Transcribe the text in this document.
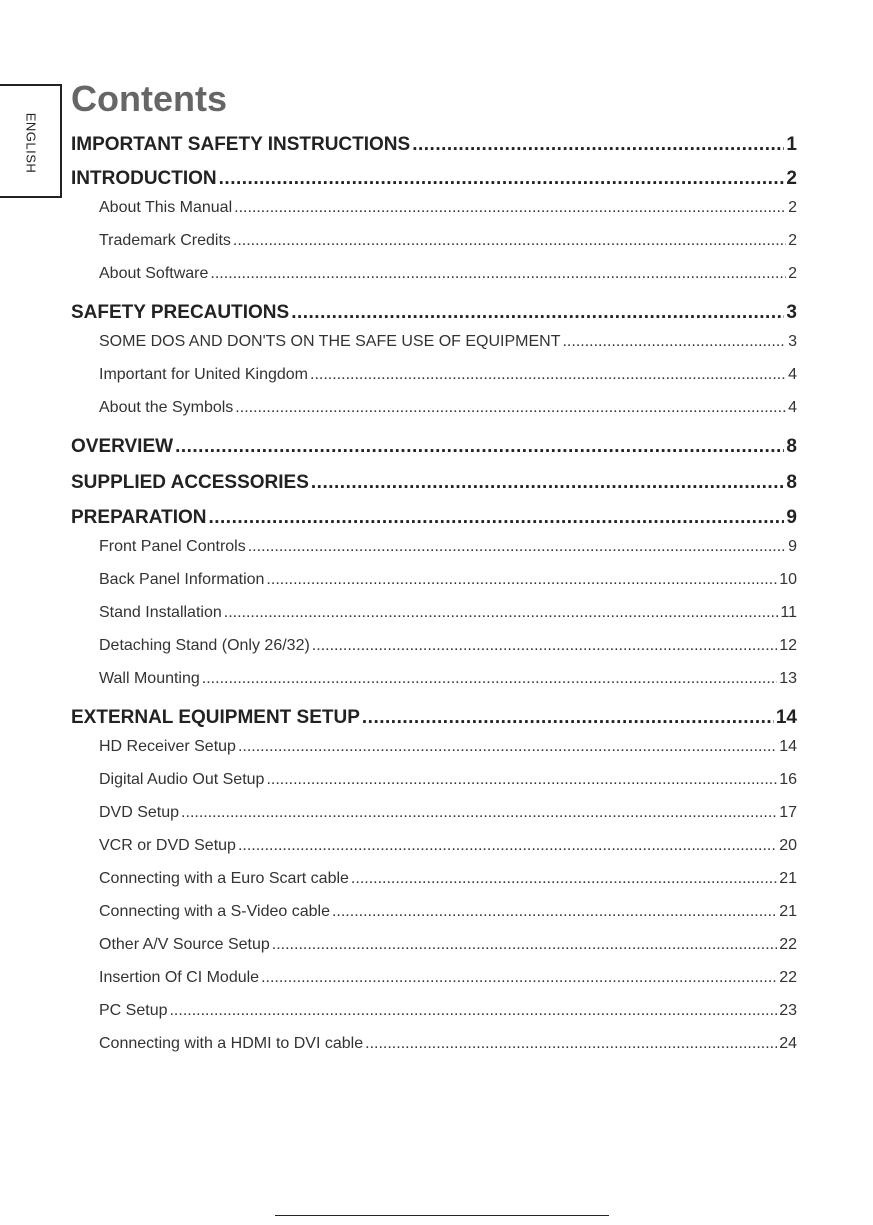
ENGLISH
Contents
IMPORTANT SAFETY INSTRUCTIONS .....	1
INTRODUCTION .....	2
About This Manual .....	2
Trademark Credits .....	2
About Software .....	2
SAFETY PRECAUTIONS .....	3
SOME DOS AND DON'TS ON THE SAFE USE OF EQUIPMENT .....	3
Important for United Kingdom .....	4
About the Symbols .....	4
OVERVIEW .....	8
SUPPLIED ACCESSORIES .....	8
PREPARATION .....	9
Front Panel Controls .....	9
Back Panel Information .....	10
Stand Installation .....	11
Detaching Stand (Only 26/32) .....	12
Wall Mounting .....	13
EXTERNAL EQUIPMENT SETUP .....	14
HD Receiver Setup .....	14
Digital Audio Out Setup .....	16
DVD Setup .....	17
VCR or DVD Setup .....	20
Connecting with a Euro Scart cable .....	21
Connecting with a S-Video cable .....	21
Other A/V Source Setup .....	22
Insertion Of CI Module .....	22
PC Setup .....	23
Connecting with a HDMI to DVI cable .....	24
